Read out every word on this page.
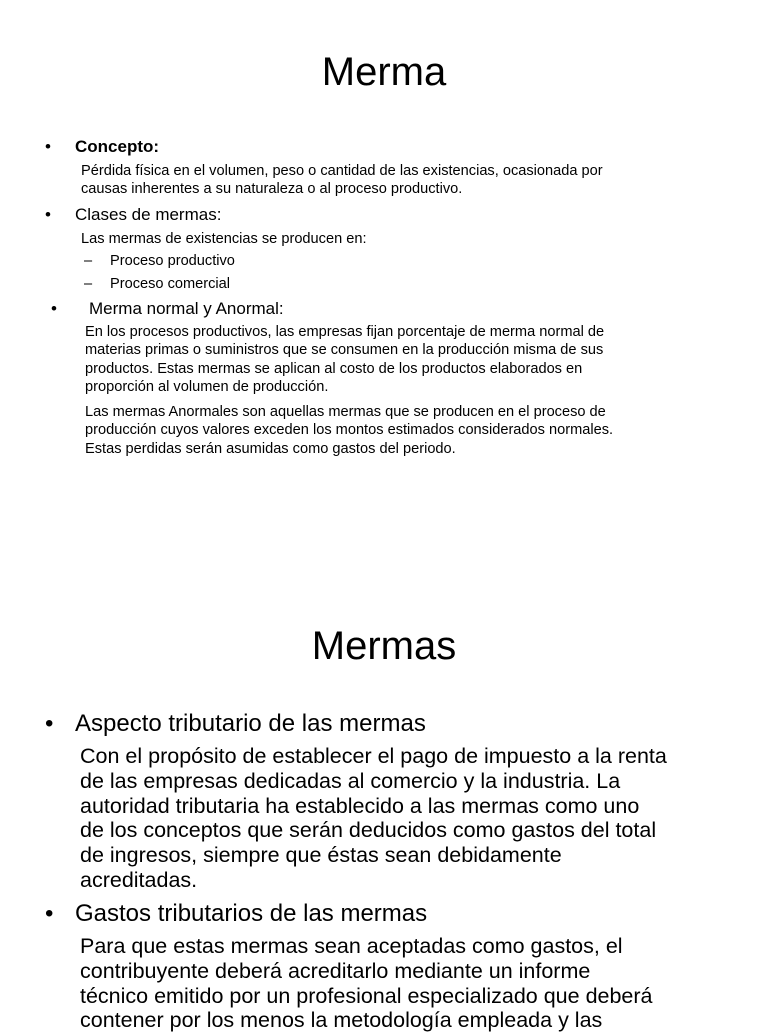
Merma
• Concepto:

Pérdida física en el volumen, peso o cantidad de las existencias, ocasionada por

causas inherentes a su naturaleza o al proceso productivo.

• Clases de mermas:

Las mermas de existencias se producen en:

– Proceso productivo
– Proceso comercial
• Merma normal y Anormal:

En los procesos productivos, las empresas fijan porcentaje de merma normal de

materias primas o suministros que se consumen en la producción misma de sus

productos. Estas mermas se aplican al costo de los productos elaborados en

proporción al volumen de producción.

Las mermas Anormales son aquellas mermas que se producen en el proceso de

producción cuyos valores exceden los montos estimados considerados normales.

Estas perdidas serán asumidas como gastos del periodo.

Mermas
• Aspecto tributario de las mermas

Con el propósito de establecer el pago de impuesto a la renta

de las empresas dedicadas al comercio y la industria. La

autoridad tributaria ha establecido a las mermas como uno

de los conceptos que serán deducidos como gastos del total

de ingresos, siempre que éstas sean debidamente

acreditadas.

• Gastos tributarios de las mermas

Para que estas mermas sean aceptadas como gastos, el

contribuyente deberá acreditarlo mediante un informe

técnico emitido por un profesional especializado que deberá

contener por los menos la metodología empleada y las
